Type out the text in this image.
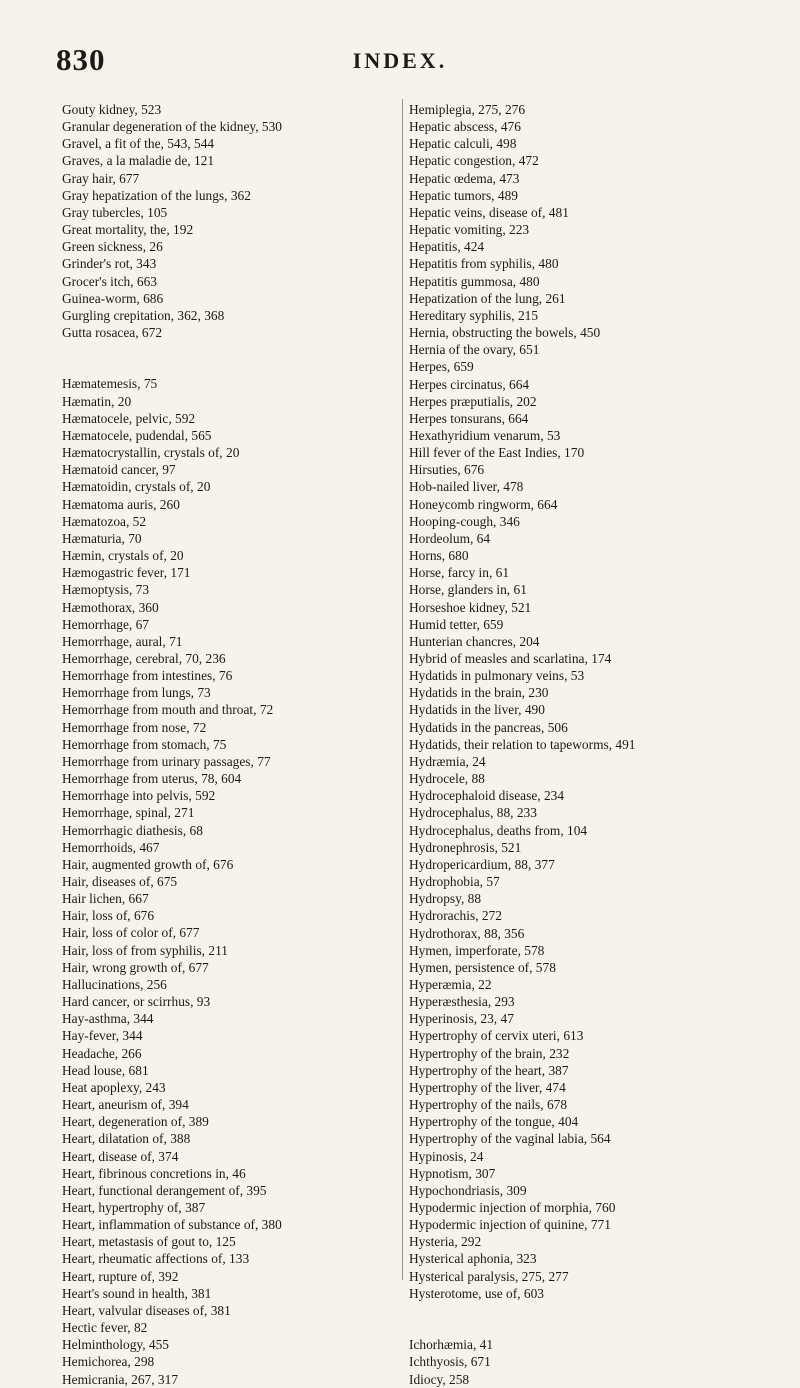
830	INDEX.
Gouty kidney, 523
Granular degeneration of the kidney, 530
Gravel, a fit of the, 543, 544
Graves, a la maladie de, 121
Gray hair, 677
Gray hepatization of the lungs, 362
Gray tubercles, 105
Great mortality, the, 192
Green sickness, 26
Grinder's rot, 343
Grocer's itch, 663
Guinea-worm, 686
Gurgling crepitation, 362, 368
Gutta rosacea, 672
Hæmatemesis, 75
Hæmatin, 20
Hæmatocele, pelvic, 592
Hæmatocele, pudendal, 565
Hæmatocrystallin, crystals of, 20
Hæmatoid cancer, 97
Hæmatoidin, crystals of, 20
Hæmatoma auris, 260
Hæmatozoa, 52
Hæmaturia, 70
Hæmin, crystals of, 20
Hæmogastric fever, 171
Hæmoptysis, 73
Hæmothorax, 360
Hemorrhage, 67
Hemorrhage, aural, 71
Hemorrhage, cerebral, 70, 236
Hemorrhage from intestines, 76
Hemorrhage from lungs, 73
Hemorrhage from mouth and throat, 72
Hemorrhage from nose, 72
Hemorrhage from stomach, 75
Hemorrhage from urinary passages, 77
Hemorrhage from uterus, 78, 604
Hemorrhage into pelvis, 592
Hemorrhage, spinal, 271
Hemorrhagic diathesis, 68
Hemorrhoids, 467
Hair, augmented growth of, 676
Hair, diseases of, 675
Hair lichen, 667
Hair, loss of, 676
Hair, loss of color of, 677
Hair, loss of from syphilis, 211
Hair, wrong growth of, 677
Hallucinations, 256
Hard cancer, or scirrhus, 93
Hay-asthma, 344
Hay-fever, 344
Headache, 266
Head louse, 681
Heat apoplexy, 243
Heart, aneurism of, 394
Heart, degeneration of, 389
Heart, dilatation of, 388
Heart, disease of, 374
Heart, fibrinous concretions in, 46
Heart, functional derangement of, 395
Heart, hypertrophy of, 387
Heart, inflammation of substance of, 380
Heart, metastasis of gout to, 125
Heart, rheumatic affections of, 133
Heart, rupture of, 392
Heart's sound in health, 381
Heart, valvular diseases of, 381
Hectic fever, 82
Helminthology, 455
Hemichorea, 298
Hemicrania, 267, 317
Hemiplegia, 275, 276
Hepatic abscess, 476
Hepatic calculi, 498
Hepatic congestion, 472
Hepatic œdema, 473
Hepatic tumors, 489
Hepatic veins, disease of, 481
Hepatic vomiting, 223
Hepatitis, 424
Hepatitis from syphilis, 480
Hepatitis gummosa, 480
Hepatization of the lung, 261
Hereditary syphilis, 215
Hernia, obstructing the bowels, 450
Hernia of the ovary, 651
Herpes, 659
Herpes circinatus, 664
Herpes præputialis, 202
Herpes tonsurans, 664
Hexathyridium venarum, 53
Hill fever of the East Indies, 170
Hirsuties, 676
Hob-nailed liver, 478
Honeycomb ringworm, 664
Hooping-cough, 346
Hordeolum, 64
Horns, 680
Horse, farcy in, 61
Horse, glanders in, 61
Horseshoe kidney, 521
Humid tetter, 659
Hunterian chancres, 204
Hybrid of measles and scarlatina, 174
Hydatids in pulmonary veins, 53
Hydatids in the brain, 230
Hydatids in the liver, 490
Hydatids in the pancreas, 506
Hydatids, their relation to tapeworms, 491
Hydræmia, 24
Hydrocele, 88
Hydrocephaloid disease, 234
Hydrocephalus, 88, 233
Hydrocephalus, deaths from, 104
Hydronephrosis, 521
Hydropericardium, 88, 377
Hydrophobia, 57
Hydropsy, 88
Hydrorachis, 272
Hydrothorax, 88, 356
Hymen, imperforate, 578
Hymen, persistence of, 578
Hyperæmia, 22
Hyperæsthesia, 293
Hyperinosis, 23, 47
Hypertrophy of cervix uteri, 613
Hypertrophy of the brain, 232
Hypertrophy of the heart, 387
Hypertrophy of the liver, 474
Hypertrophy of the nails, 678
Hypertrophy of the tongue, 404
Hypertrophy of the vaginal labia, 564
Hypinosis, 24
Hypnotism, 307
Hypochondriasis, 309
Hypodermic injection of morphia, 760
Hypodermic injection of quinine, 771
Hysteria, 292
Hysterical aphonia, 323
Hysterical paralysis, 275, 277
Hysterotome, use of, 603
Ichorhæmia, 41
Ichthyosis, 671
Idiocy, 258
